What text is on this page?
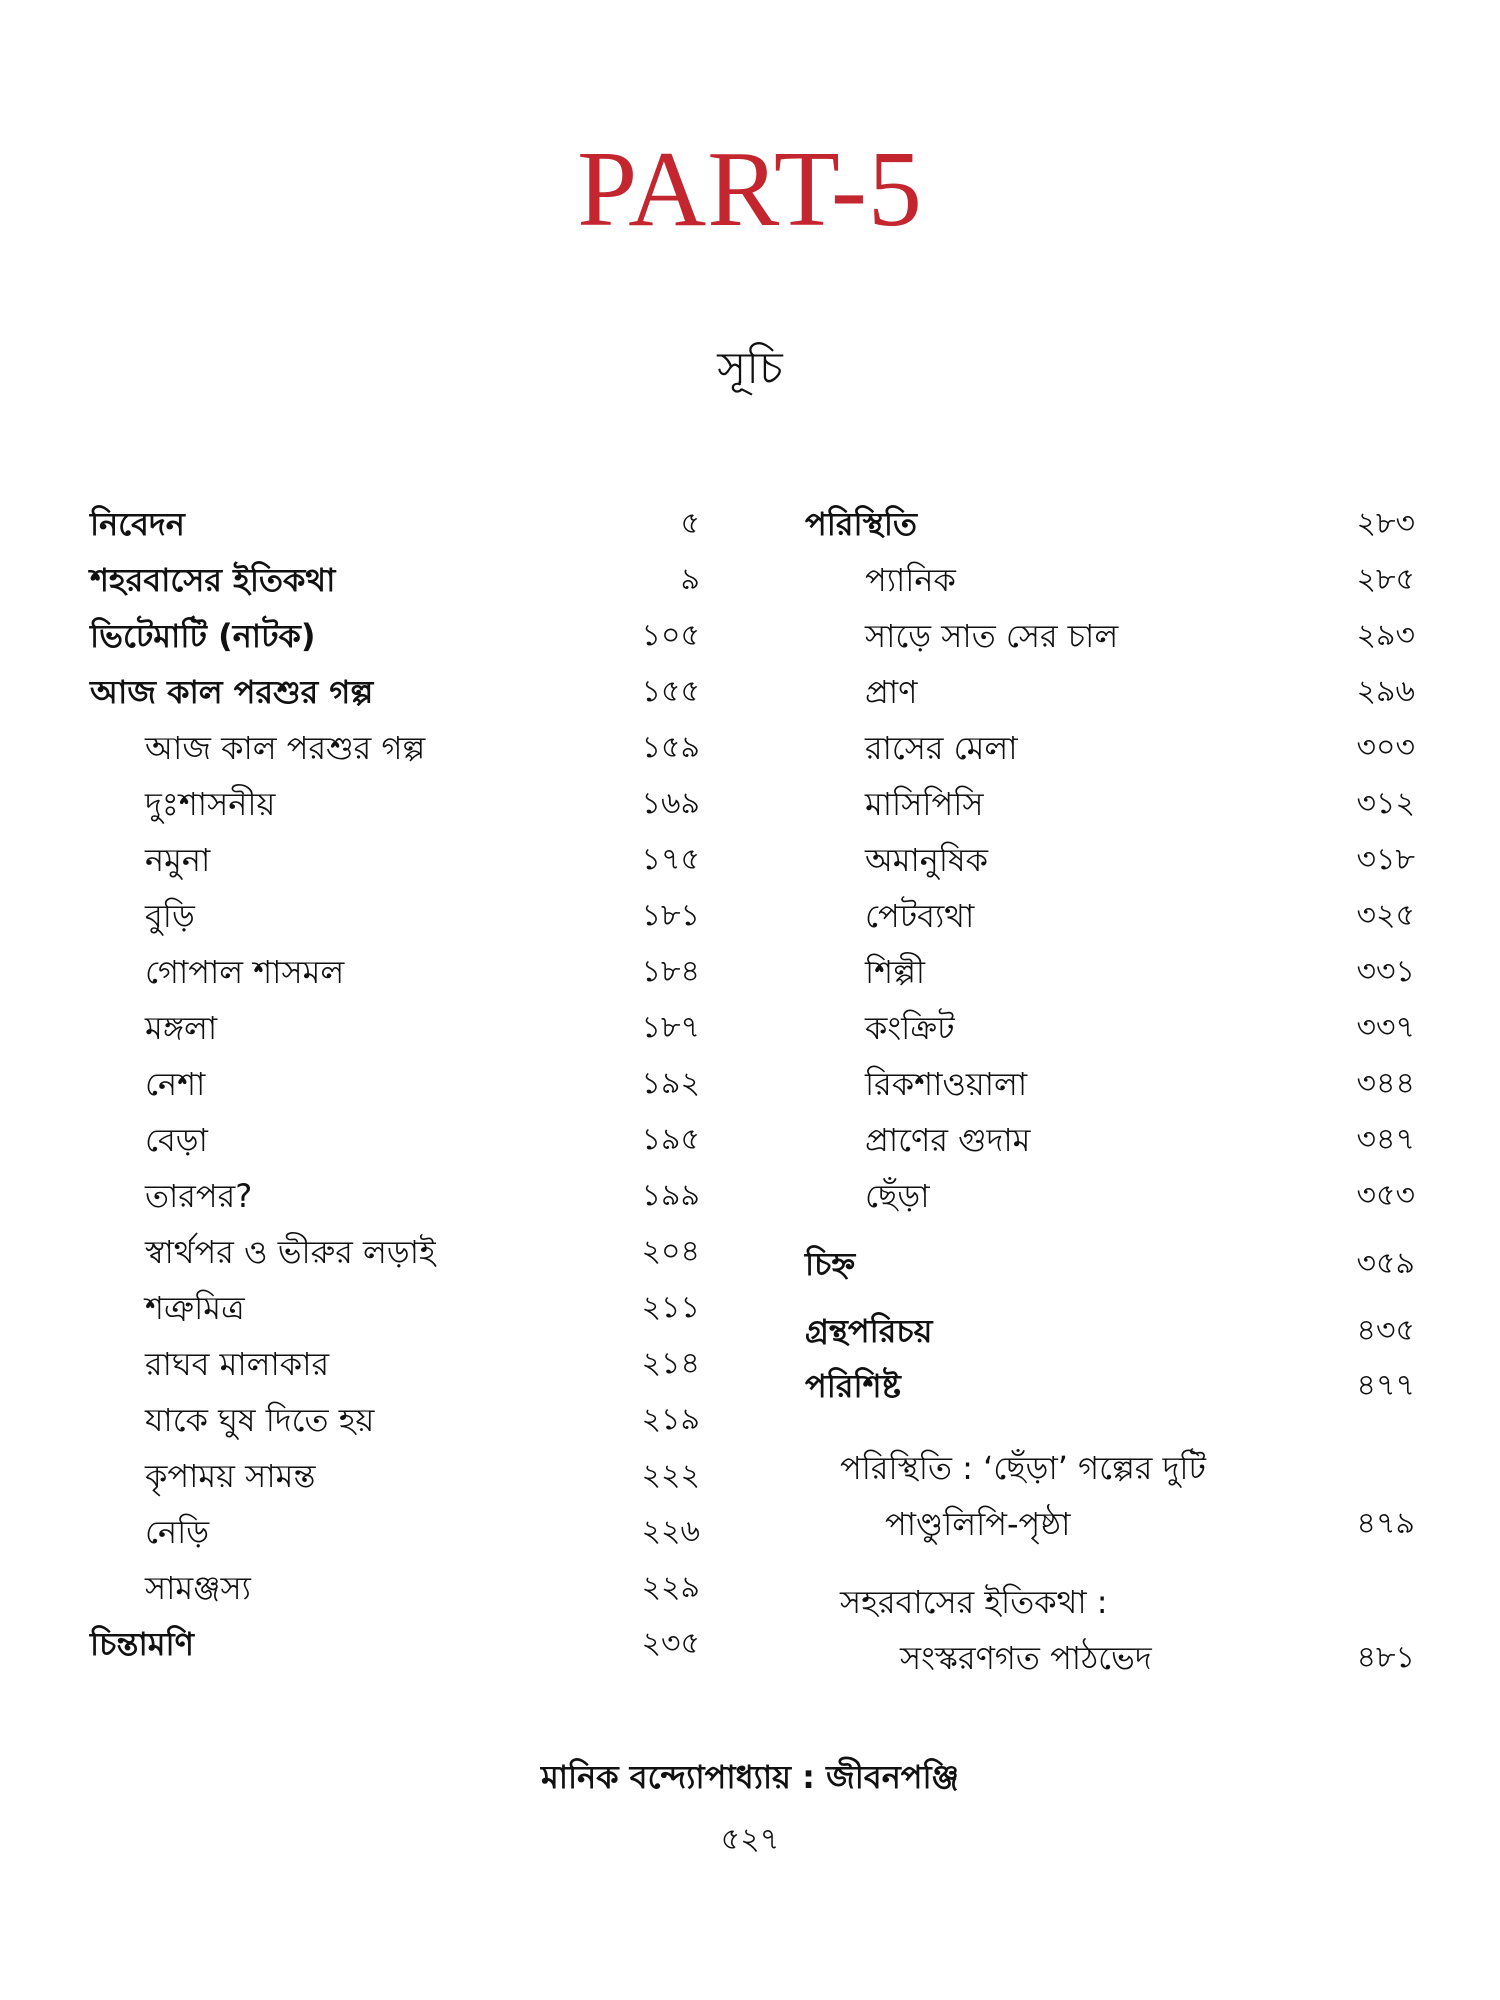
PART-5
সূচি
নিবেদন	৫
শহরবাসের ইতিকথা	৯
ভিটেমাটি (নাটক)	১০৫
আজ কাল পরশুর গল্প	১৫৫
আজ কাল পরশুর গল্প	১৫৯
দুঃশাসনীয়	১৬৯
নমুনা	১৭৫
বুড়ি	১৮১
গোপাল শাসমল	১৮৪
মঙ্গলা	১৮৭
নেশা	১৯২
বেড়া	১৯৫
তারপর?	১৯৯
স্বার্থপর ও ভীরুর লড়াই	২০৪
শত্রুমিত্র	২১১
রাঘব মালাকার	২১৪
যাকে ঘুষ দিতে হয়	২১৯
কৃপাময় সামন্ত	২২২
নেড়ি	২২৬
সামঞ্জস্য	২২৯
চিন্তামণি	২৩৫
পরিস্থিতি	২৮৩
প্যানিক	২৮৫
সাড়ে সাত সের চাল	২৯৩
প্রাণ	২৯৬
রাসের মেলা	৩০৩
মাসিপিসি	৩১২
অমানুষিক	৩১৮
পেটব্যথা	৩২৫
শিল্পী	৩৩১
কংক্রিট	৩৩৭
রিকশাওয়ালা	৩৪৪
প্রাণের গুদাম	৩৪৭
ছেঁড়া	৩৫৩
চিহ্ন	৩৫৯
গ্রন্থপরিচয়	৪৩৫
পরিশিষ্ট	৪৭৭
পরিস্থিতি : ‘ছেঁড়া’ গল্পের দুটি
পাণ্ডুলিপি-পৃষ্ঠা	৪৭৯
সহরবাসের ইতিকথা :
সংস্করণগত পাঠভেদ	৪৮১
মানিক বন্দ্যোপাধ্যায় : জীবনপঞ্জি
৫২৭
